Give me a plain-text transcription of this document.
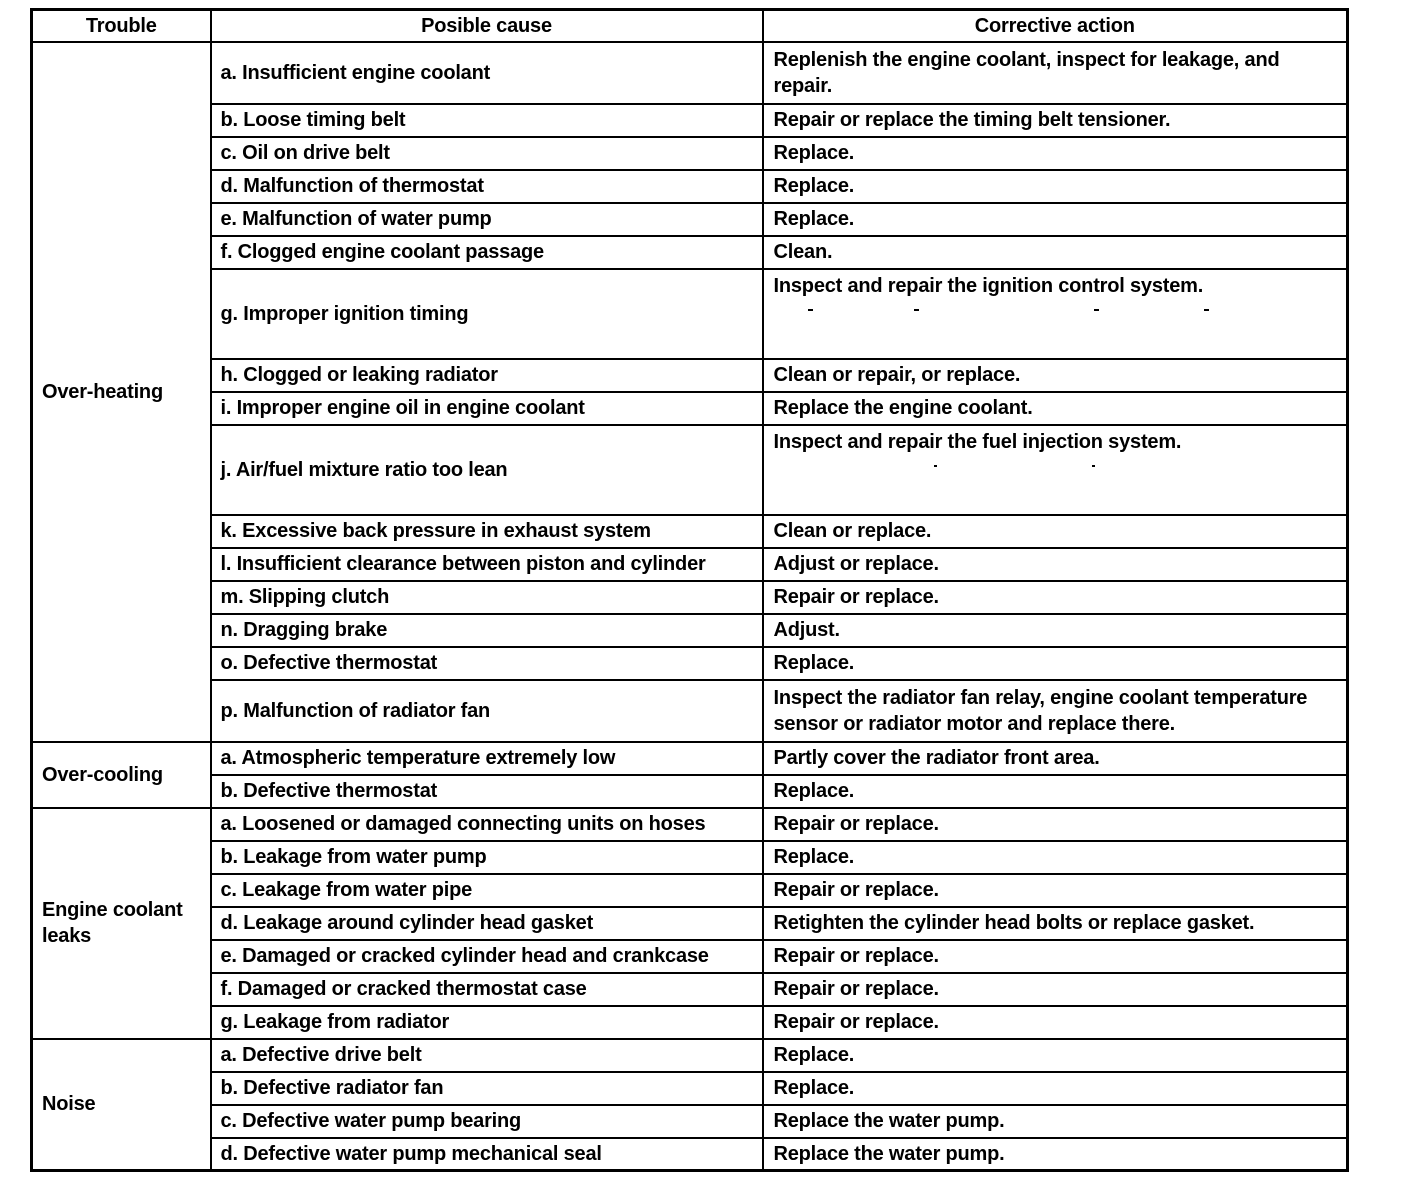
Trouble	Posible cause	Corrective action
Over-heating	a. Insufficient engine coolant	Replenish the engine coolant, inspect for leakage, and repair.
	b. Loose timing belt	Repair or replace the timing belt tensioner.
	c. Oil on drive belt	Replace.
	d. Malfunction of thermostat	Replace.
	e. Malfunction of water pump	Replace.
	f. Clogged engine coolant passage	Clean.
	g. Improper ignition timing	Inspect and repair the ignition control system.

	h. Clogged or leaking radiator	Clean or repair, or replace.
	i. Improper engine oil in engine coolant	Replace the engine coolant.
	j. Air/fuel mixture ratio too lean	Inspect and repair the fuel injection system.

	k. Excessive back pressure in exhaust system	Clean or replace.
	l. Insufficient clearance between piston and cylinder	Adjust or replace.
	m. Slipping clutch	Repair or replace.
	n. Dragging brake	Adjust.
	o. Defective thermostat	Replace.
	p. Malfunction of radiator fan	Inspect the radiator fan relay, engine coolant temperature sensor or radiator motor and replace there.
Over-cooling	a. Atmospheric temperature extremely low	Partly cover the radiator front area.
	b. Defective thermostat	Replace.
Engine coolant leaks	a. Loosened or damaged connecting units on hoses	Repair or replace.
	b. Leakage from water pump	Replace.
	c. Leakage from water pipe	Repair or replace.
	d. Leakage around cylinder head gasket	Retighten the cylinder head bolts or replace gasket.
	e. Damaged or cracked cylinder head and crankcase	Repair or replace.
	f. Damaged or cracked thermostat case	Repair or replace.
	g. Leakage from radiator	Repair or replace.
Noise	a. Defective drive belt	Replace.
	b. Defective radiator fan	Replace.
	c. Defective water pump bearing	Replace the water pump.
	d. Defective water pump mechanical seal	Replace the water pump.
